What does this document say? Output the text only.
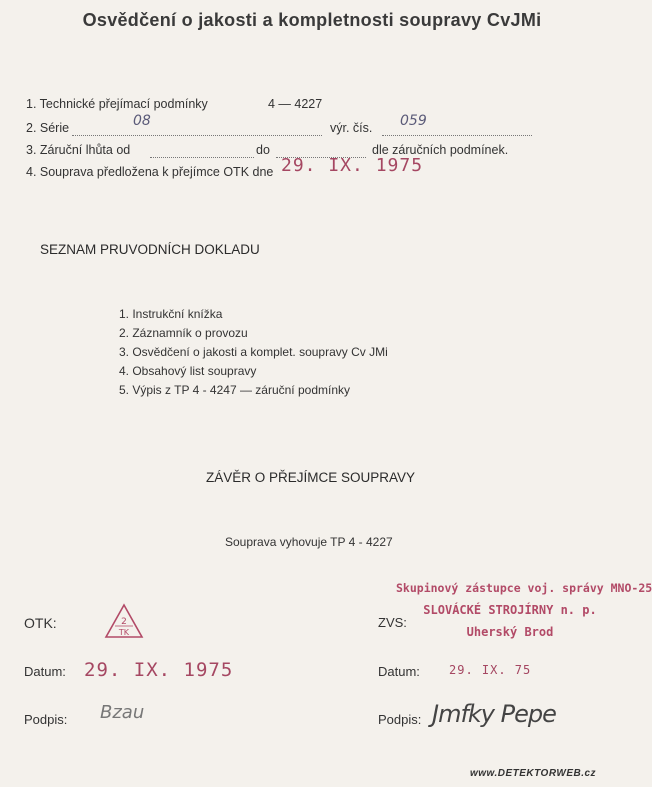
Osvědčení o jakosti a kompletnosti soupravy CvJMi
1. Technické přejímací podmínky	4 — 4227
2. Série	08	výr. čís. 059
3. Záruční lhůta od	do	dle záručních podmínek.
4. Souprava předložena k přejímce OTK dne 29. IX. 1975
SEZNAM PRUVODNÍCH DOKLADU
1. Instrukční knížka
2. Záznamník o provozu
3. Osvědčení o jakosti a komplet. soupravy Cv JMi
4. Obsahový list soupravy
5. Výpis z TP 4 - 4247 — záruční podmínky
ZÁVĚR O PŘEJÍMCE SOUPRAVY
Souprava vyhovuje TP 4 - 4227
OTK:	2
TK
Datum: 29. IX. 1975
Podpis: Bzau
ZVS:
Skupinový zástupce voj. správy MNO-25
SLOVÁCKÉ STROJÍRNY n. p.
Uherský Brod
Datum: 29. IX. 75
Podpis: Jmfky Pepe
www.DETEKTORWEB.cz
